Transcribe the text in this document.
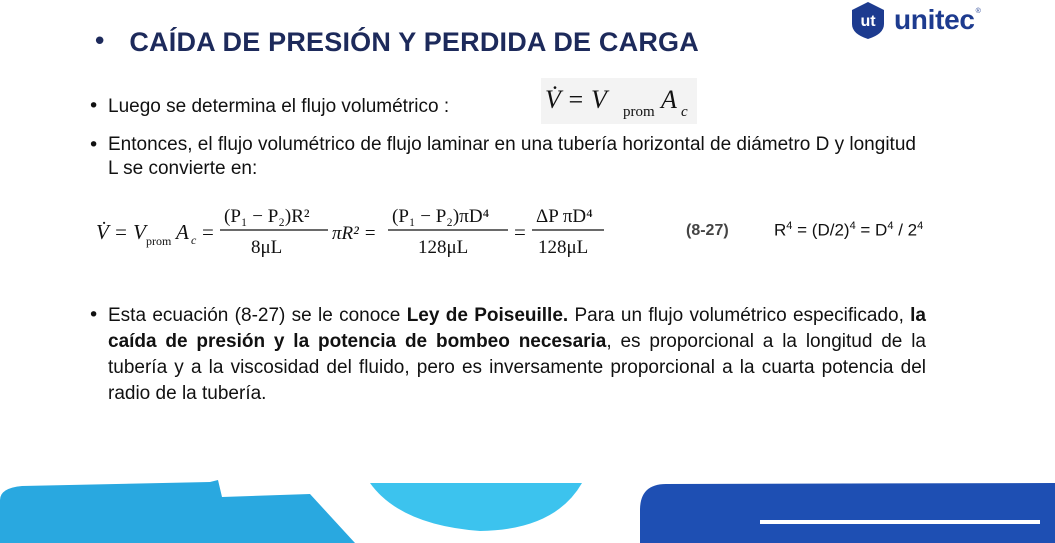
• CAÍDA DE PRESIÓN Y PERDIDA DE CARGA
ut unitec ®
• Luego se determina el flujo volumétrico :	V̇ = V prom A c
• Entonces, el flujo volumétrico de flujo laminar en una tubería horizontal de diámetro D y longitud L se convierte en:
V̇ = V prom A c =
(P₁ − P₂)R²
8μL
πR² =
(P₁ − P₂)πD⁴
128μL
=
ΔP πD⁴
128μL
(8-27)	$R^4 = (D/2)^4 = D^4 / 2^4$
• Esta ecuación (8-27) se le conoce Ley de Poiseuille. Para un flujo volumétrico especificado, la caída de presión y la potencia de bombeo necesaria, es proporcional a la longitud de la tubería y a la viscosidad del fluido, pero es inversamente proporcional a la cuarta potencia del radio de la tubería.
